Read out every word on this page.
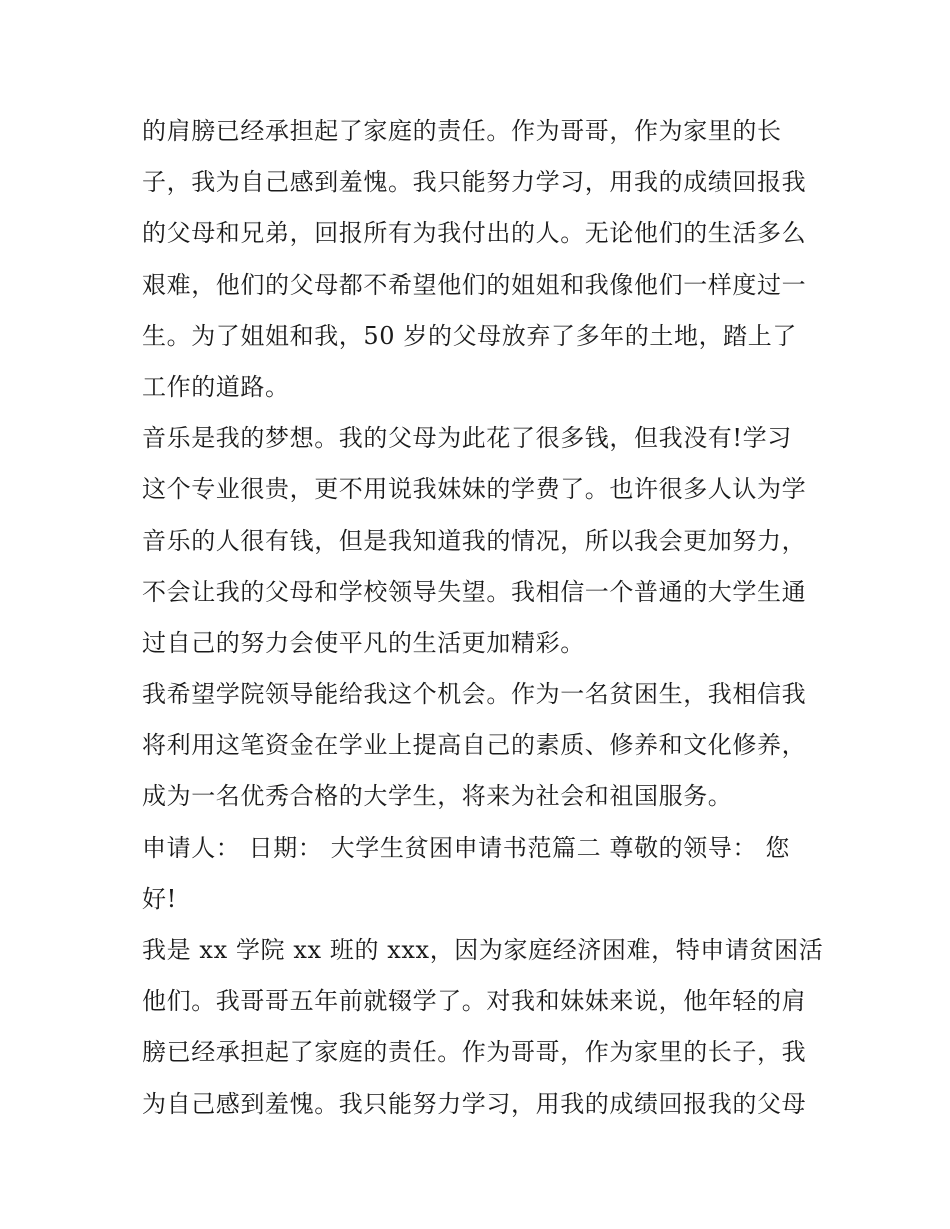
的肩膀已经承担起了家庭的责任。作为哥哥，作为家里的长
子，我为自己感到羞愧。我只能努力学习，用我的成绩回报我
的父母和兄弟，回报所有为我付出的人。无论他们的生活多么
艰难，他们的父母都不希望他们的姐姐和我像他们一样度过一
生。为了姐姐和我，50 岁的父母放弃了多年的土地，踏上了
工作的道路。
音乐是我的梦想。我的父母为此花了很多钱，但我没有!学习
这个专业很贵，更不用说我妹妹的学费了。也许很多人认为学
音乐的人很有钱，但是我知道我的情况，所以我会更加努力，
不会让我的父母和学校领导失望。我相信一个普通的大学生通
过自己的努力会使平凡的生活更加精彩。
我希望学院领导能给我这个机会。作为一名贫困生，我相信我
将利用这笔资金在学业上提高自己的素质、修养和文化修养，
成为一名优秀合格的大学生，将来为社会和祖国服务。
申请人： 日期： 大学生贫困申请书范篇二 尊敬的领导： 您
好!
我是 xx 学院 xx 班的 xxx，因为家庭经济困难，特申请贫困活
他们。我哥哥五年前就辍学了。对我和妹妹来说，他年轻的肩
膀已经承担起了家庭的责任。作为哥哥，作为家里的长子，我
为自己感到羞愧。我只能努力学习，用我的成绩回报我的父母
